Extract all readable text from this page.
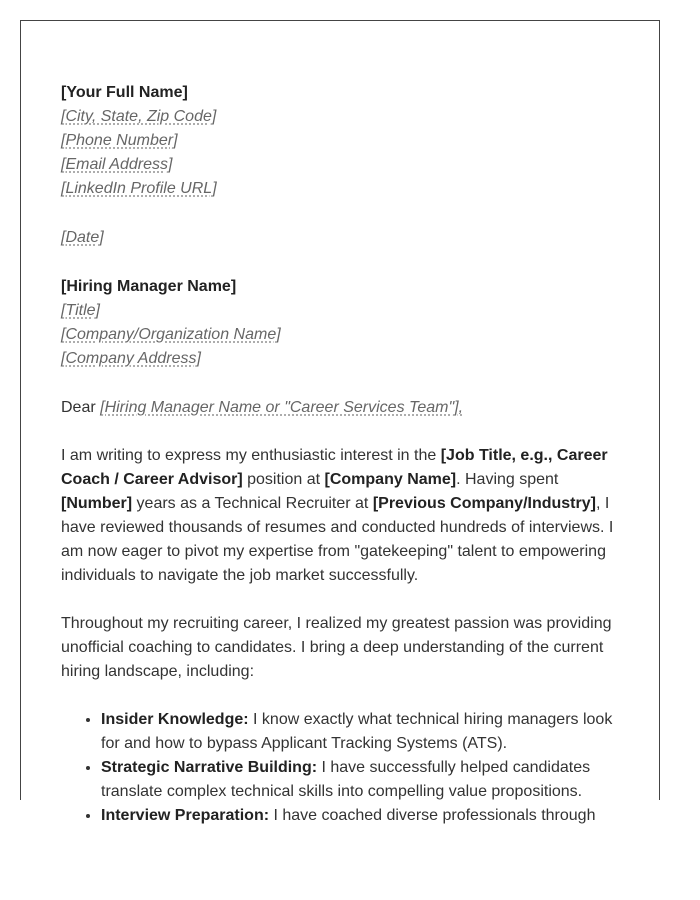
[Your Full Name]
[City, State, Zip Code]
[Phone Number]
[Email Address]
[LinkedIn Profile URL]
[Date]
[Hiring Manager Name]
[Title]
[Company/Organization Name]
[Company Address]

Dear [Hiring Manager Name or "Career Services Team"],

I am writing to express my enthusiastic interest in the [Job Title, e.g., Career Coach / Career Advisor] position at [Company Name]. Having spent [Number] years as a Technical Recruiter at [Previous Company/Industry], I have reviewed thousands of resumes and conducted hundreds of interviews. I am now eager to pivot my expertise from "gatekeeping" talent to empowering individuals to navigate the job market successfully.

Throughout my recruiting career, I realized my greatest passion was providing unofficial coaching to candidates. I bring a deep understanding of the current hiring landscape, including:

• Insider Knowledge: I know exactly what technical hiring managers look for and how to bypass Applicant Tracking Systems (ATS).
• Strategic Narrative Building: I have successfully helped candidates translate complex technical skills into compelling value propositions.
• Interview Preparation: I have coached diverse professionals through
